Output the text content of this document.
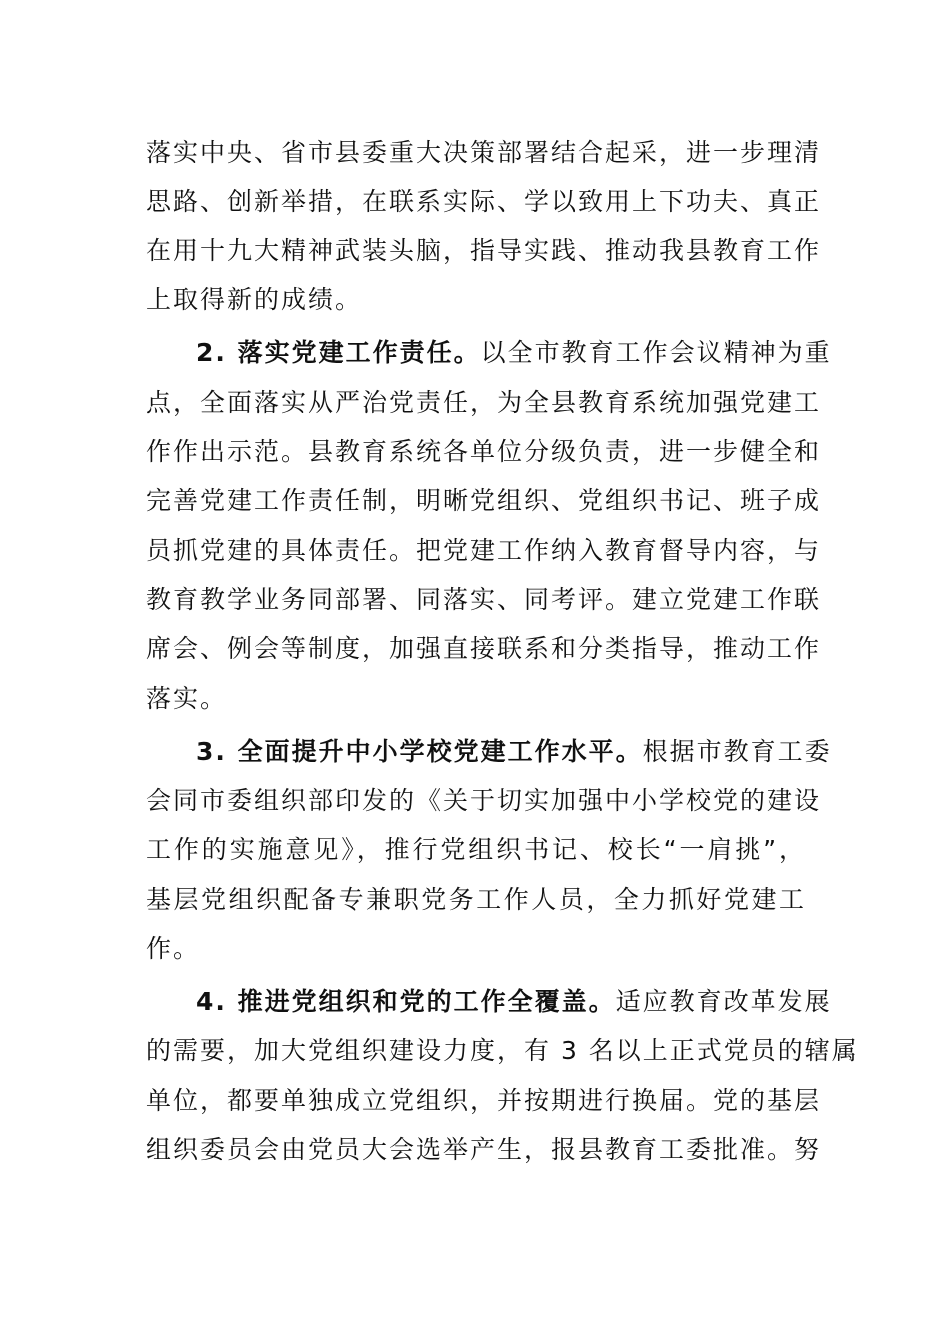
落实中央、省市县委重大决策部署结合起采，进一步理清
思路、创新举措，在联系实际、学以致用上下功夫、真正
在用十九大精神武装头脑，指导实践、推动我县教育工作
上取得新的成绩。
2. 落实党建工作责任。以全市教育工作会议精神为重
点，全面落实从严治党责任，为全县教育系统加强党建工
作作出示范。县教育系统各单位分级负责，进一步健全和
完善党建工作责任制，明晰党组织、党组织书记、班子成
员抓党建的具体责任。把党建工作纳入教育督导内容，与
教育教学业务同部署、同落实、同考评。建立党建工作联
席会、例会等制度，加强直接联系和分类指导，推动工作
落实。
3. 全面提升中小学校党建工作水平。根据市教育工委
会同市委组织部印发的《关于切实加强中小学校党的建设
工作的实施意见》，推行党组织书记、校长“一肩挑”，
基层党组织配备专兼职党务工作人员，全力抓好党建工
作。
4. 推进党组织和党的工作全覆盖。适应教育改革发展
的需要，加大党组织建设力度，有 3 名以上正式党员的辖属
单位，都要单独成立党组织，并按期进行换届。党的基层
组织委员会由党员大会选举产生，报县教育工委批准。努
